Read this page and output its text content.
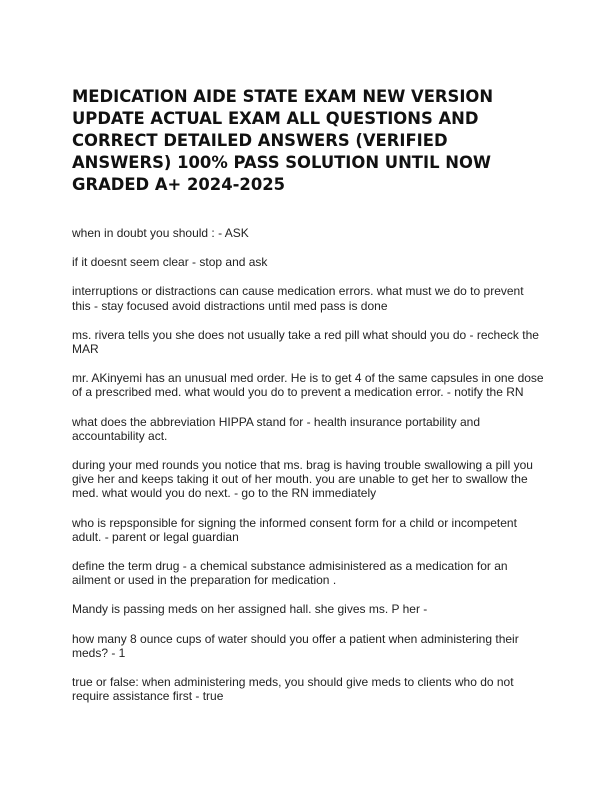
MEDICATION AIDE STATE EXAM NEW VERSION UPDATE ACTUAL EXAM ALL QUESTIONS AND CORRECT DETAILED ANSWERS (VERIFIED ANSWERS) 100% PASS SOLUTION UNTIL NOW GRADED A+ 2024-2025
when in doubt you should : - ASK
if it doesnt seem clear - stop and ask
interruptions or distractions can cause medication errors. what must we do to prevent this - stay focused avoid distractions until med pass is done
ms. rivera tells you she does not usually take a red pill what should you do - recheck the MAR
mr. AKinyemi has an unusual med order. He is to get 4 of the same capsules in one dose of a prescribed med. what would you do to prevent a medication error. - notify the RN
what does the abbreviation HIPPA stand for - health insurance portability and accountability act.
during your med rounds you notice that ms. brag is having trouble swallowing a pill you give her and keeps taking it out of her mouth. you are unable to get her to swallow the med. what would you do next. - go to the RN immediately
who is repsponsible for signing the informed consent form for a child or incompetent adult. - parent or legal guardian
define the term drug - a chemical substance admisinistered as a medication for an ailment or used in the preparation for medication .
Mandy is passing meds on her assigned hall. she gives ms. P her -
how many 8 ounce cups of water should you offer a patient when administering their meds? - 1
true or false: when administering meds, you should give meds to clients who do not require assistance first - true
